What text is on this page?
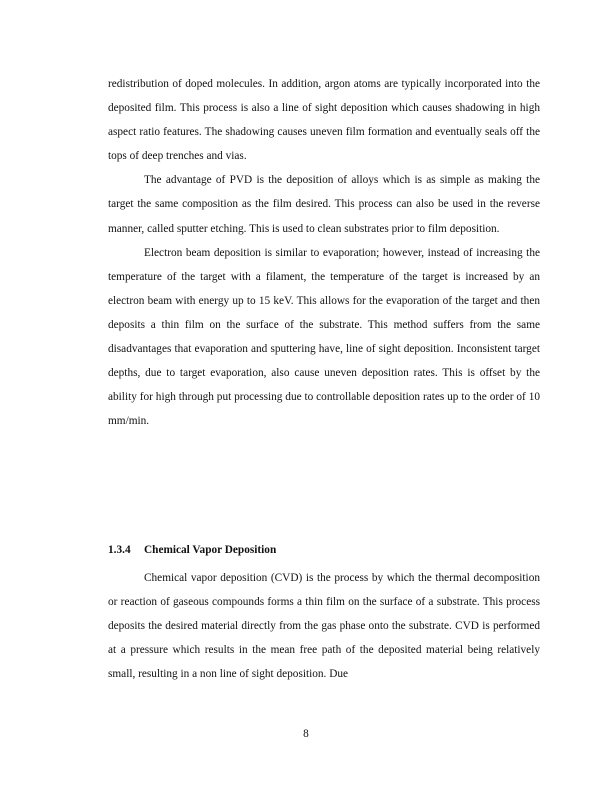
redistribution of doped molecules. In addition, argon atoms are typically incorporated into the deposited film. This process is also a line of sight deposition which causes shadowing in high aspect ratio features. The shadowing causes uneven film formation and eventually seals off the tops of deep trenches and vias.

The advantage of PVD is the deposition of alloys which is as simple as making the target the same composition as the film desired. This process can also be used in the reverse manner, called sputter etching. This is used to clean substrates prior to film deposition.

Electron beam deposition is similar to evaporation; however, instead of increasing the temperature of the target with a filament, the temperature of the target is increased by an electron beam with energy up to 15 keV. This allows for the evaporation of the target and then deposits a thin film on the surface of the substrate. This method suffers from the same disadvantages that evaporation and sputtering have, line of sight deposition. Inconsistent target depths, due to target evaporation, also cause uneven deposition rates. This is offset by the ability for high through put processing due to controllable deposition rates up to the order of 10 mm/min.

1.3.4 Chemical Vapor Deposition

Chemical vapor deposition (CVD) is the process by which the thermal decomposition or reaction of gaseous compounds forms a thin film on the surface of a substrate. This process deposits the desired material directly from the gas phase onto the substrate. CVD is performed at a pressure which results in the mean free path of the deposited material being relatively small, resulting in a non line of sight deposition. Due

8
